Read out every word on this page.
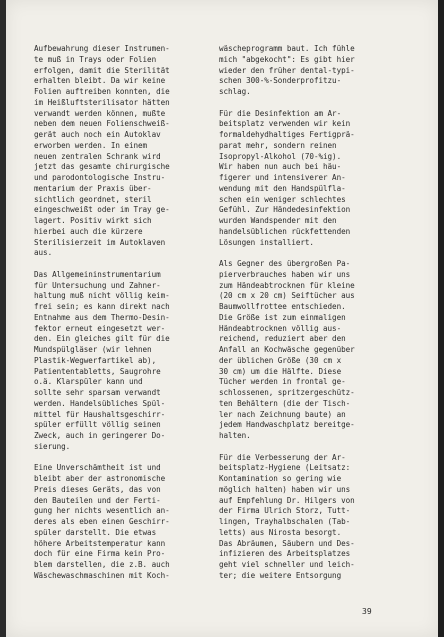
Aufbewahrung dieser Instrumen-
te muß in Trays oder Folien
erfolgen, damit die Sterilität
erhalten bleibt. Da wir keine
Folien auftreiben konnten, die
im Heißluftsterilisator hätten
verwandt werden können, mußte
neben dem neuen Folienschweiß-
gerät auch noch ein Autoklav
erworben werden. In einem
neuen zentralen Schrank wird
jetzt das gesamte chirurgische
und parodontologische Instru-
mentarium der Praxis über-
sichtlich geordnet, steril
eingeschweißt oder im Tray ge-
lagert. Positiv wirkt sich
hierbei auch die kürzere
Sterilisierzeit im Autoklaven
aus.

Das Allgemeininstrumentarium
für Untersuchung und Zahner-
haltung muß nicht völlig keim-
frei sein; es kann direkt nach
Entnahme aus dem Thermo-Desin-
fektor erneut eingesetzt wer-
den. Ein gleiches gilt für die
Mundspülgläser (wir lehnen
Plastik-Wegwerfartikel ab),
Patiententabletts, Saugrohre
o.ä. Klarspüler kann und
sollte sehr sparsam verwandt
werden. Handelsübliches Spül-
mittel für Haushaltsgeschirr-
spüler erfüllt völlig seinen
Zweck, auch in geringerer Do-
sierung.

Eine Unverschämtheit ist und
bleibt aber der astronomische
Preis dieses Geräts, das von
den Bauteilen und der Ferti-
gung her nichts wesentlich an-
deres als eben einen Geschirr-
spüler darstellt. Die etwas
höhere Arbeitstemperatur kann
doch für eine Firma kein Pro-
blem darstellen, die z.B. auch
Wäschewaschmaschinen mit Koch-

wäscheprogramm baut. Ich fühle
mich "abgekocht": Es gibt hier
wieder den früher dental-typi-
schen 300-%-Sonderprofitzu-
schlag.

Für die Desinfektion am Ar-
beitsplatz verwenden wir kein
formaldehydhaltiges Fertigprä-
parat mehr, sondern reinen
Isopropyl-Alkohol (70-%ig).
Wir haben nun auch bei häu-
figerer und intensiverer An-
wendung mit den Handspülfla-
schen ein weniger schlechtes
Gefühl. Zur Händedesinfektion
wurden Wandspender mit den
handelsüblichen rückfettenden
Lösungen installiert.

Als Gegner des übergroßen Pa-
pierverbrauches haben wir uns
zum Händeabtrocknen für kleine
(20 cm x 20 cm) Seiftücher aus
Baumwollfrottee entschieden.
Die Größe ist zum einmaligen
Händeabtrocknen völlig aus-
reichend, reduziert aber den
Anfall an Kochwäsche gegenüber
der üblichen Größe (30 cm x
30 cm) um die Hälfte. Diese
Tücher werden in frontal ge-
schlossenen, spritzergeschütz-
ten Behältern (die der Tisch-
ler nach Zeichnung baute) an
jedem Handwaschplatz bereitge-
halten.

Für die Verbesserung der Ar-
beitsplatz-Hygiene (Leitsatz:
Kontamination so gering wie
möglich halten) haben wir uns
auf Empfehlung Dr. Hilgers von
der Firma Ulrich Storz, Tutt-
lingen, Trayhalbschalen (Tab-
letts) aus Nirosta besorgt.
Das Abräumen, Säubern und Des-
infizieren des Arbeitsplatzes
geht viel schneller und leich-
ter; die weitere Entsorgung

39
